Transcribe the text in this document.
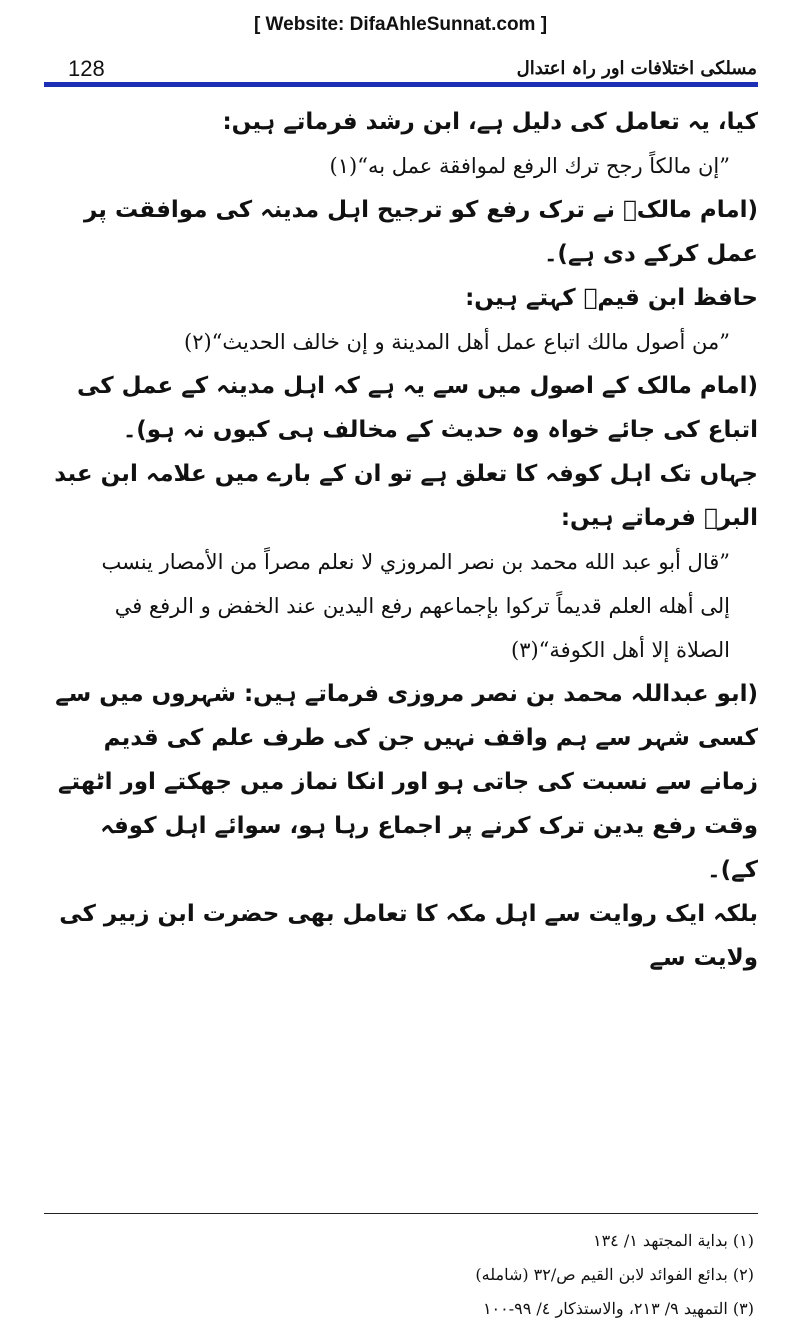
[ Website: DifaAhleSunnat.com ]
128	مسلکی اختلافات اور راہ اعتدال

کیا، یہ تعامل کی دلیل ہے، ابن رشد فرماتے ہیں:

”إن مالكاً رجح ترك الرفع لموافقة عمل به“(۱)

(امام مالکؒ نے ترک رفع کو ترجیح اہل مدینہ کی موافقت پر عمل کرکے دی ہے)۔

حافظ ابن قیمؒ کہتے ہیں:

”من أصول مالك اتباع عمل أهل المدينة و إن خالف الحديث“(۲)

(امام مالک کے اصول میں سے یہ ہے کہ اہل مدینہ کے عمل کی اتباع کی جائے خواہ وہ حدیث کے مخالف ہی کیوں نہ ہو)۔

جہاں تک اہل کوفہ کا تعلق ہے تو ان کے بارے میں علامہ ابن عبد البرؒ فرماتے ہیں:

”قال أبو عبد الله محمد بن نصر المروزي لا نعلم مصراً من الأمصار ينسب إلى أهله العلم قديماً تركوا بإجماعهم رفع اليدين عند الخفض و الرفع في الصلاة إلا أهل الكوفة“(۳)

(ابو عبداللہ محمد بن نصر مروزی فرماتے ہیں: شہروں میں سے کسی شہر سے ہم واقف نہیں جن کی طرف علم کی قدیم زمانے سے نسبت کی جاتی ہو اور انکا نماز میں جھکتے اور اٹھتے وقت رفع یدین ترک کرنے پر اجماع رہا ہو، سوائے اہل کوفہ کے)۔

بلکہ ایک روایت سے اہل مکہ کا تعامل بھی حضرت ابن زبیر کی ولایت سے

(۱) بداية المجتهد ۱/ ۱۳٤

(۲) بدائع الفوائد لابن القيم ص/۳۲ (شامله)

(۳) التمهيد ۹/ ۲۱۳، والاستذكار ٤/ ۹۹-۱۰۰
